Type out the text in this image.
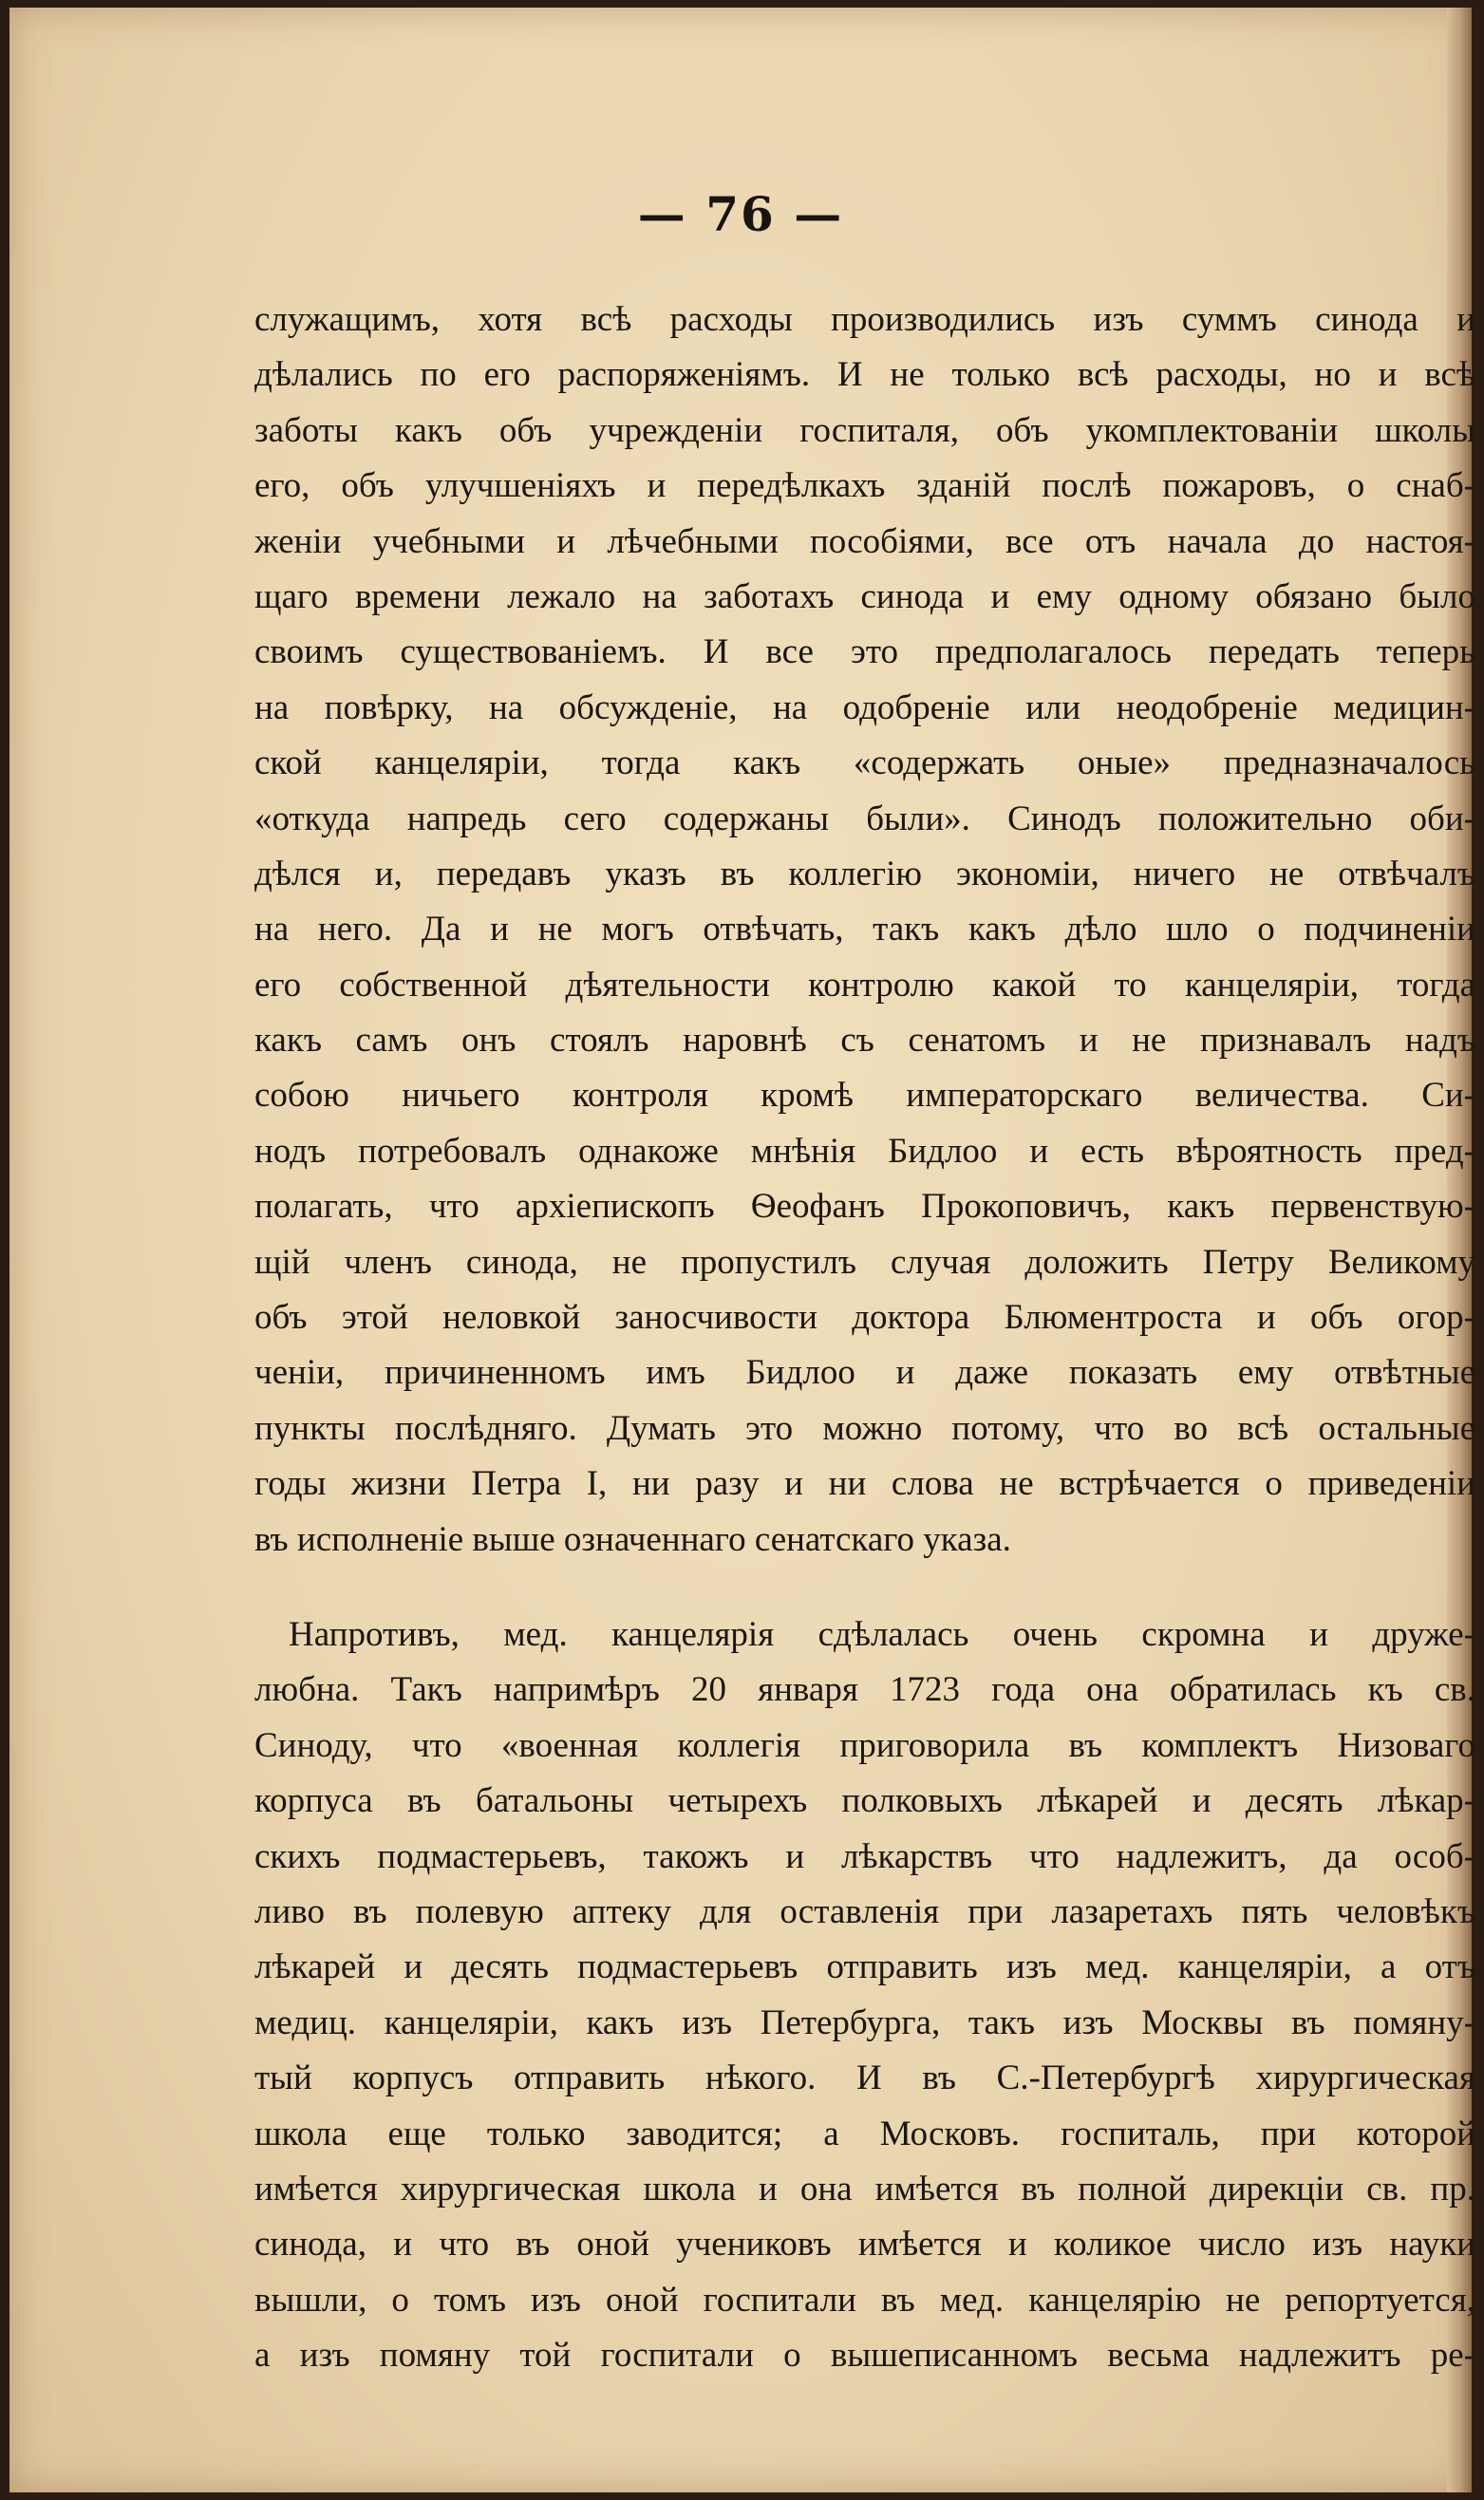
— 76 —
служащимъ, хотя всѣ расходы производились изъ суммъ синода и
дѣлались по его распоряженіямъ. И не только всѣ расходы, но и всѣ
заботы какъ объ учрежденіи госпиталя, объ укомплектованіи школы
его, объ улучшеніяхъ и передѣлкахъ зданій послѣ пожаровъ, о снаб-
женіи учебными и лѣчебными пособіями, все отъ начала до настоя-
щаго времени лежало на заботахъ синода и ему одному обязано было
своимъ существованіемъ. И все это предполагалось передать теперь
на повѣрку, на обсужденіе, на одобреніе или неодобреніе медицин-
ской канцеляріи, тогда какъ «содержать оные» предназначалось
«откуда напредь сего содержаны были». Синодъ положительно оби-
дѣлся и, передавъ указъ въ коллегію экономіи, ничего не отвѣчалъ
на него. Да и не могъ отвѣчать, такъ какъ дѣло шло о подчиненіи
его собственной дѣятельности контролю какой то канцеляріи, тогда
какъ самъ онъ стоялъ наровнѣ съ сенатомъ и не признавалъ надъ
собою ничьего контроля кромѣ императорскаго величества. Си-
нодъ потребовалъ однакоже мнѣнія Бидлоо и есть вѣроятность пред-
полагать, что архіепископъ Ѳеофанъ Прокоповичъ, какъ первенствую-
щій членъ синода, не пропустилъ случая доложить Петру Великому
объ этой неловкой заносчивости доктора Блюментроста и объ огор-
ченіи, причиненномъ имъ Бидлоо и даже показать ему отвѣтные
пункты послѣдняго. Думать это можно потому, что во всѣ остальные
годы жизни Петра I, ни разу и ни слова не встрѣчается о приведеніи
въ исполненіе выше означеннаго сенатскаго указа.
Напротивъ, мед. канцелярія сдѣлалась очень скромна и друже-
любна. Такъ напримѣръ 20 января 1723 года она обратилась къ св.
Синоду, что «военная коллегія приговорила въ комплектъ Низоваго
корпуса въ батальоны четырехъ полковыхъ лѣкарей и десять лѣкар-
скихъ подмастерьевъ, такожъ и лѣкарствъ что надлежитъ, да особ-
ливо въ полевую аптеку для оставленія при лазаретахъ пять человѣкъ
лѣкарей и десять подмастерьевъ отправить изъ мед. канцеляріи, а отъ
медиц. канцеляріи, какъ изъ Петербурга, такъ изъ Москвы въ помяну-
тый корпусъ отправить нѣкого. И въ С.-Петербургѣ хирургическая
школа еще только заводится; а Московъ. госпиталь, при которой
имѣется хирургическая школа и она имѣется въ полной дирекціи св. пр.
синода, и что въ оной учениковъ имѣется и коликое число изъ науки
вышли, о томъ изъ оной госпитали въ мед. канцелярію не репортуется,
а изъ помяну той госпитали о вышеписанномъ весьма надлежитъ ре-
